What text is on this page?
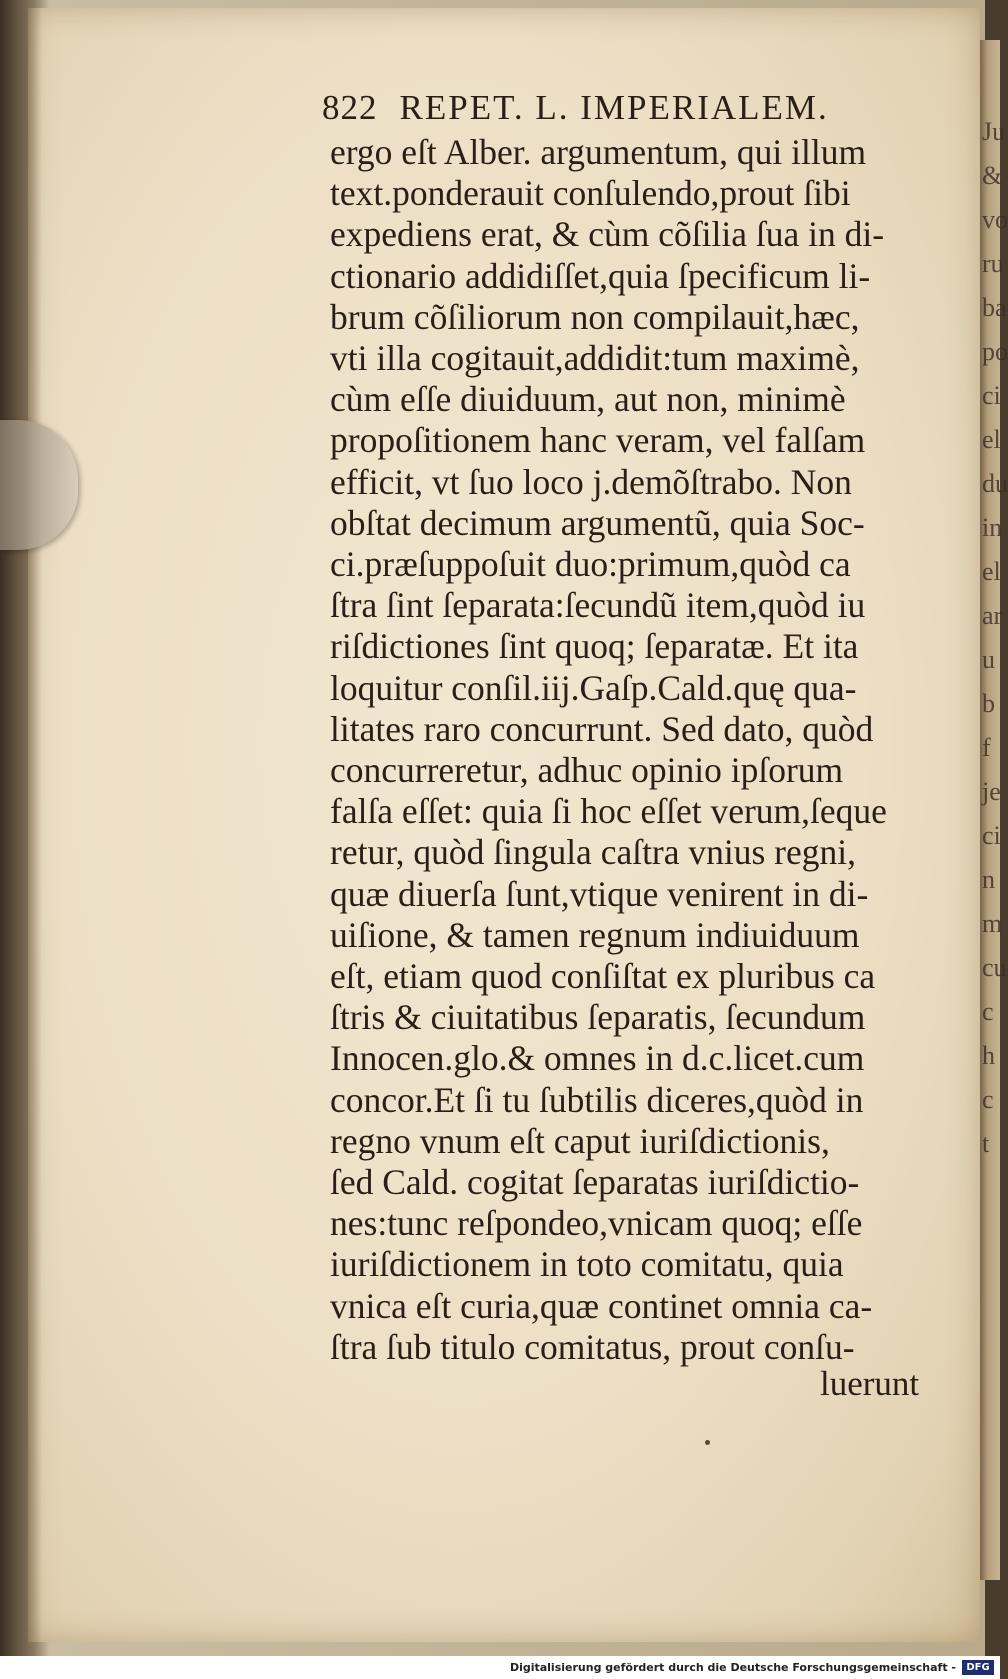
Ju
&
vo
ru
ba
po
ci
el
du
in
el
ar
u
b
f
je
ci
n
m
cu
c
h
c
t
822 REPET. L. IMPERIALEM.
ergo eſt Alber. argumentum, qui illum
text.ponderauit conſulendo,prout ſibi
expediens erat, & cùm cõſilia ſua in di-
ctionario addidiſſet,quia ſpecificum li-
brum cõſiliorum non compilauit,hæc,
vti illa cogitauit,addidit:tum maximè,
cùm eſſe diuiduum, aut non, minimè
propoſitionem hanc veram, vel falſam
efficit, vt ſuo loco j.demõſtrabo. Non
obſtat decimum argumentũ, quia Soc-
ci.præſuppoſuit duo:primum,quòd ca
ſtra ſint ſeparata:ſecundũ item,quòd iu
riſdictiones ſint quoq; ſeparatæ. Et ita
loquitur conſil.iij.Gaſp.Cald.quę qua-
litates raro concurrunt. Sed dato, quòd
concurreretur, adhuc opinio ipſorum
falſa eſſet: quia ſi hoc eſſet verum,ſeque
retur, quòd ſingula caſtra vnius regni,
quæ diuerſa ſunt,vtique venirent in di-
uiſione, & tamen regnum indiuiduum
eſt, etiam quod conſiſtat ex pluribus ca
ſtris & ciuitatibus ſeparatis, ſecundum
Innocen.glo.& omnes in d.c.licet.cum
concor.Et ſi tu ſubtilis diceres,quòd in
regno vnum eſt caput iuriſdictionis,
ſed Cald. cogitat ſeparatas iuriſdictio-
nes:tunc reſpondeo,vnicam quoq; eſſe
iuriſdictionem in toto comitatu, quia
vnica eſt curia,quæ continet omnia ca-
ſtra ſub titulo comitatus, prout conſu-
luerunt
Digitalisierung gefördert durch die Deutsche Forschungsgemeinschaft -	DFG
